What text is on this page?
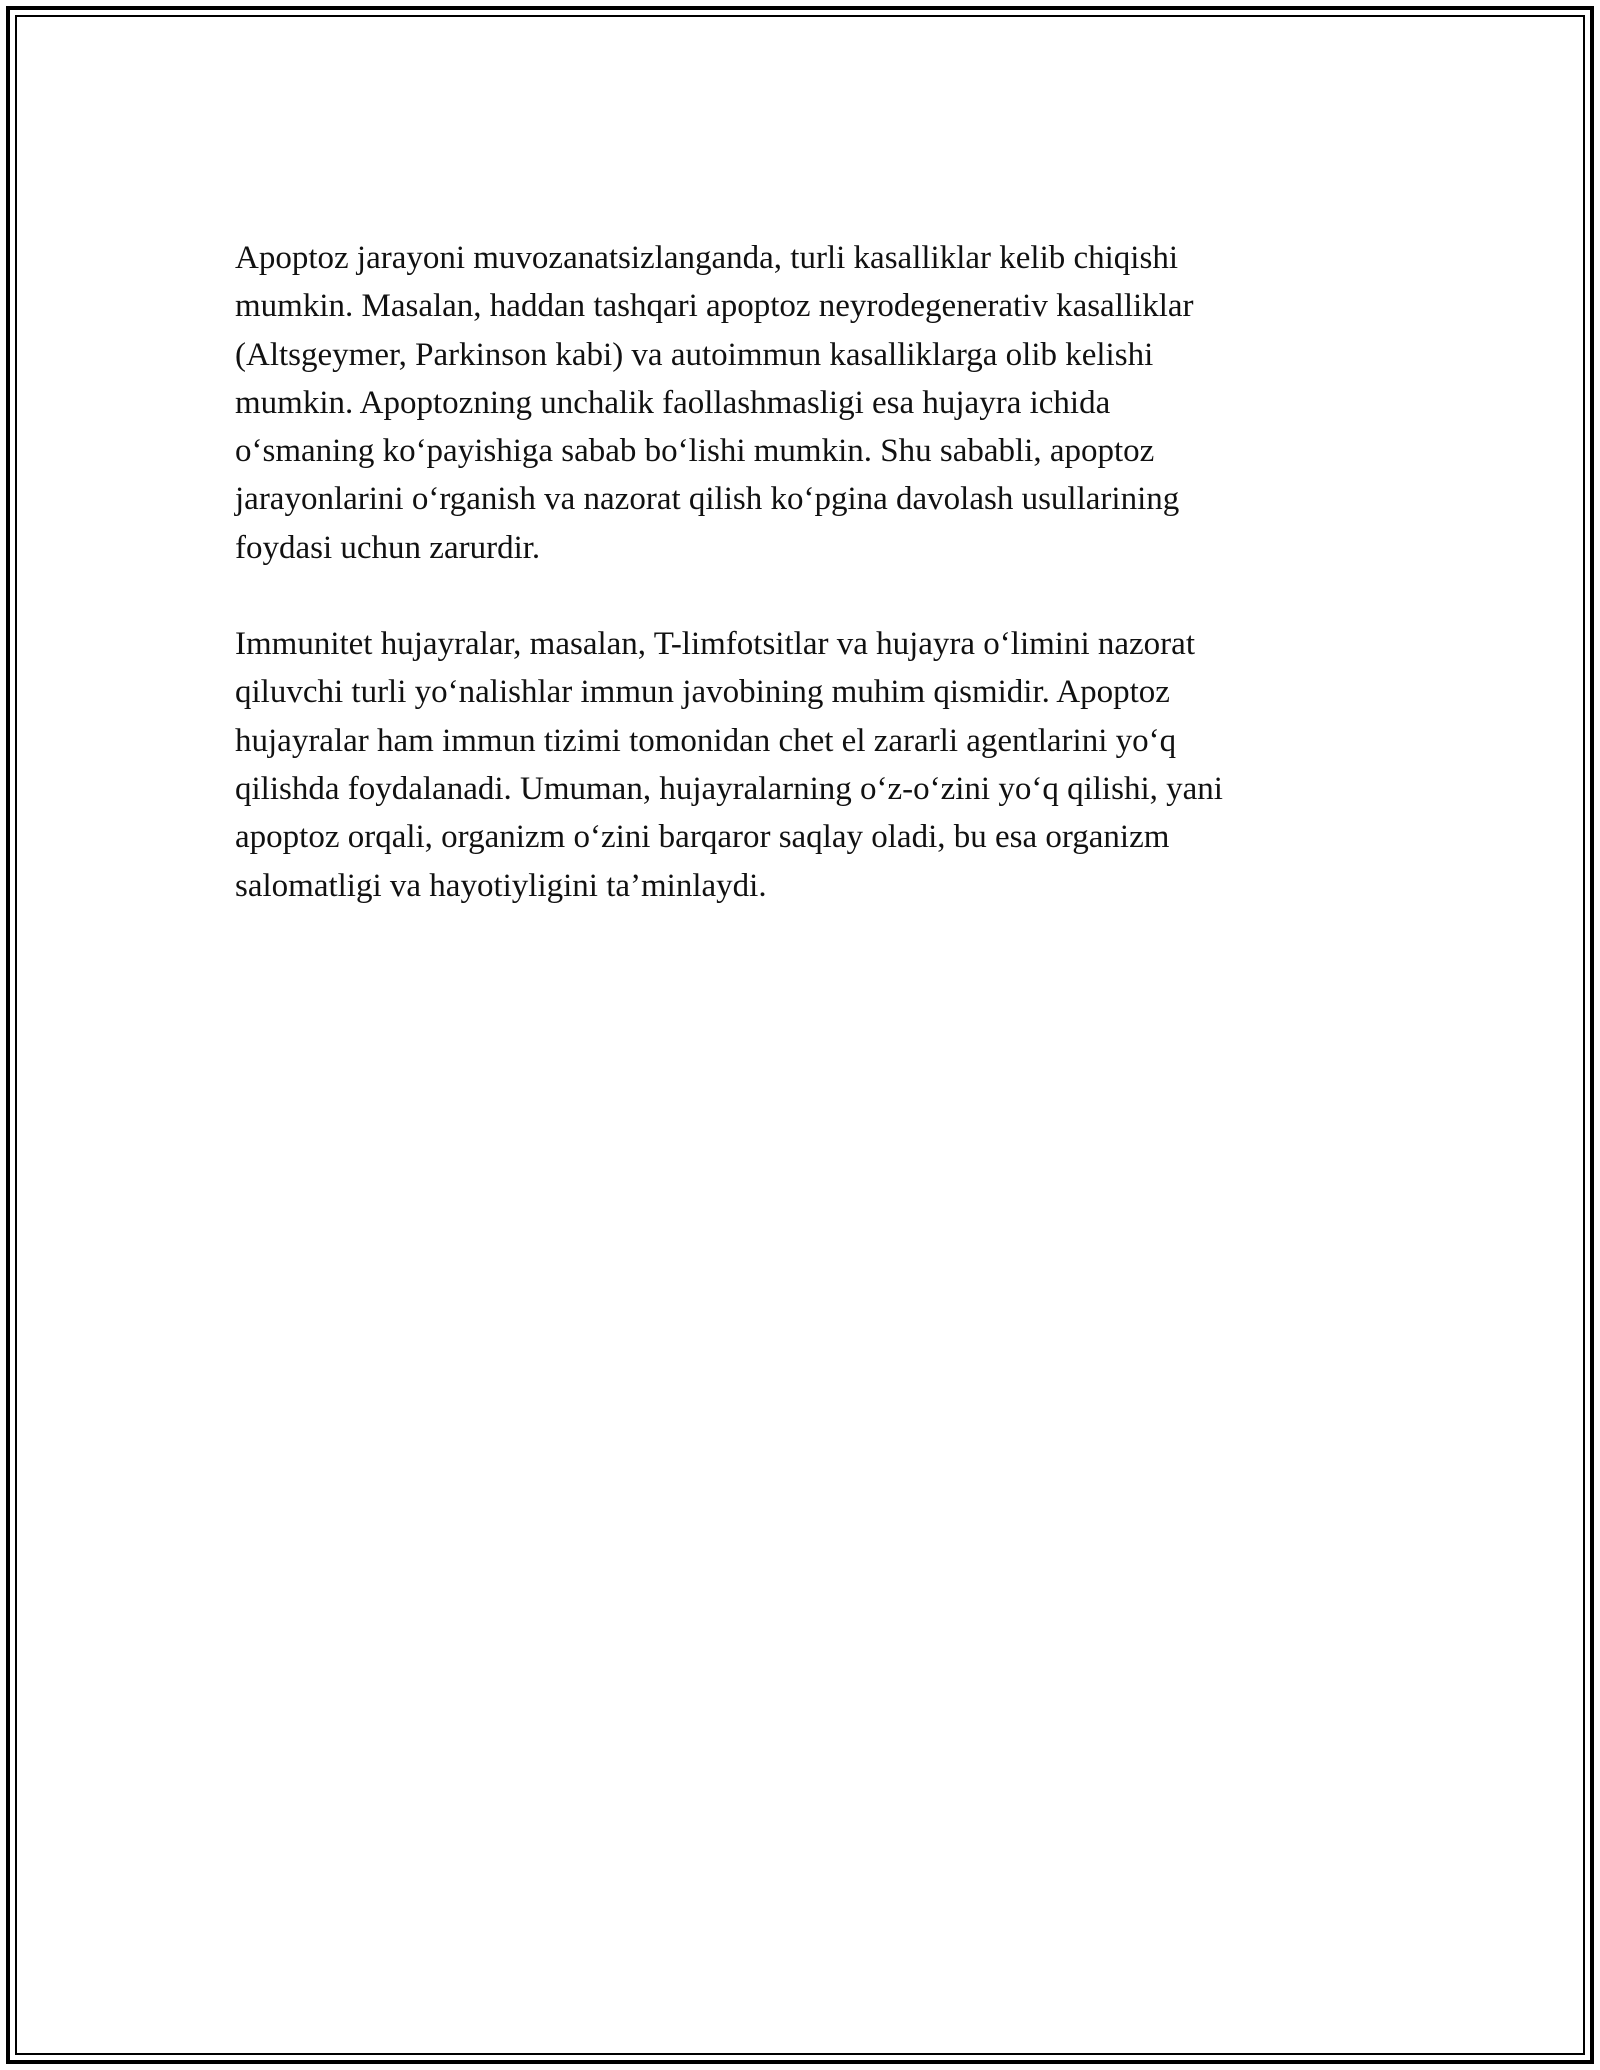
Apoptoz jarayoni muvozanatsizlanganda, turli kasalliklar kelib chiqishi
mumkin. Masalan, haddan tashqari apoptoz neyrodegenerativ kasalliklar
(Altsgeymer, Parkinson kabi) va autoimmun kasalliklarga olib kelishi
mumkin. Apoptozning unchalik faollashmasligi esa hujayra ichida
o‘smaning ko‘payishiga sabab bo‘lishi mumkin. Shu sababli, apoptoz
jarayonlarini o‘rganish va nazorat qilish ko‘pgina davolash usullarining
foydasi uchun zarurdir.

Immunitet hujayralar, masalan, T-limfotsitlar va hujayra o‘limini nazorat
qiluvchi turli yo‘nalishlar immun javobining muhim qismidir. Apoptoz
hujayralar ham immun tizimi tomonidan chet el zararli agentlarini yo‘q
qilishda foydalanadi. Umuman, hujayralarning o‘z-o‘zini yo‘q qilishi, yani
apoptoz orqali, organizm o‘zini barqaror saqlay oladi, bu esa organizm
salomatligi va hayotiyligini ta’minlaydi.
